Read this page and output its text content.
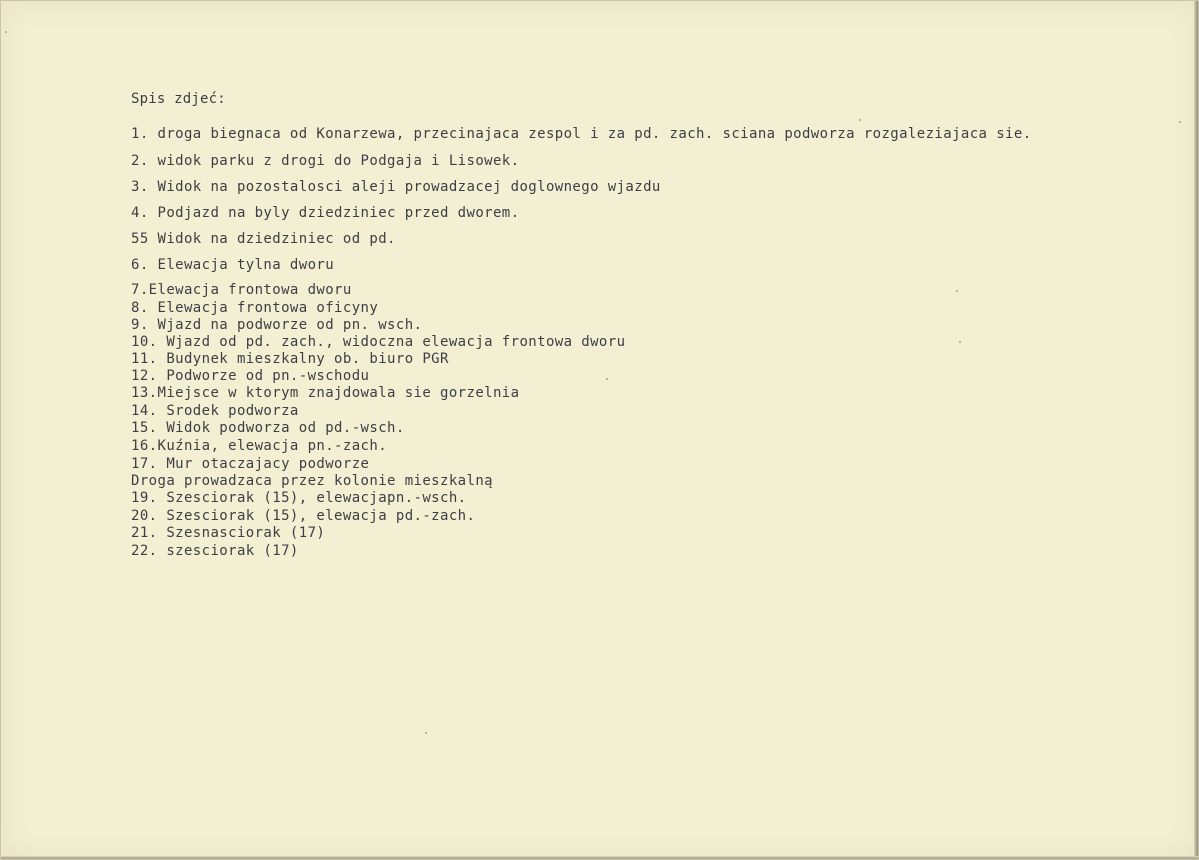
Spis zdjeć:
1. droga biegnaca od Konarzewa, przecinajaca zespol i za pd. zach. sciana podworza rozgaleziajaca sie.
2. widok parku z drogi do Podgaja i Lisowek.
3. Widok na pozostalosci aleji prowadzacej doglownego wjazdu
4. Podjazd na byly dziedziniec przed dworem.
55 Widok na dziedziniec od pd.
6. Elewacja tylna dworu
7.Elewacja frontowa dworu
8. Elewacja frontowa oficyny
9. Wjazd na podworze od pn. wsch.
10. Wjazd od pd. zach., widoczna elewacja frontowa dworu
11. Budynek mieszkalny ob. biuro PGR
12. Podworze od pn.-wschodu
13.Miejsce w ktorym znajdowala sie gorzelnia
14. Srodek podworza
15. Widok podworza od pd.-wsch.
16.Kuźnia, elewacja pn.-zach.
17. Mur otaczajacy podworze
Droga prowadzaca przez kolonie mieszkalną
19. Szesciorak (15), elewacjapn.-wsch.
20. Szesciorak (15), elewacja pd.-zach.
21. Szesnasciorak (17)
22. szesciorak (17)
